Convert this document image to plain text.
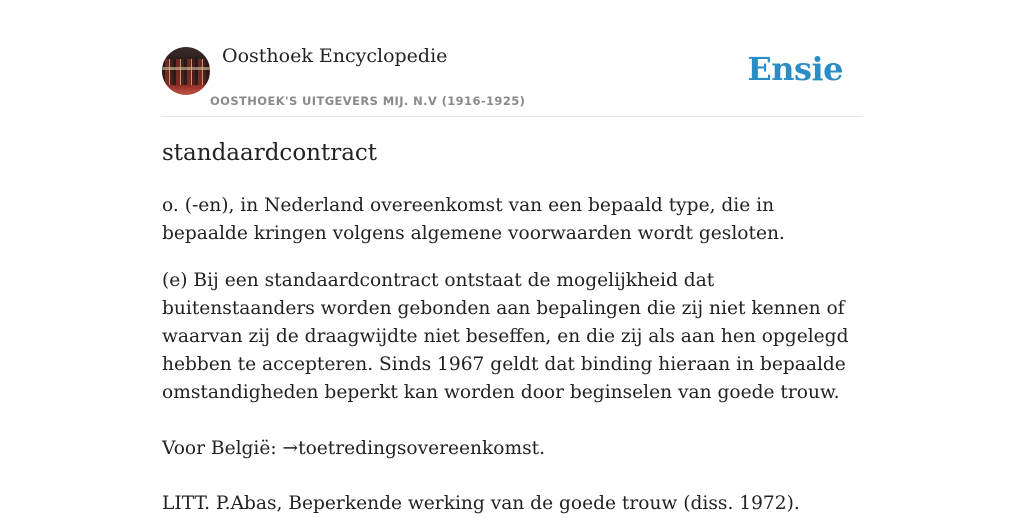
Oosthoek Encyclopedie
OOSTHOEK'S UITGEVERS MIJ. N.V (1916-1925)
Ensie
standaardcontract

o. (-en), in Nederland overeenkomst van een bepaald type, die in bepaalde kringen volgens algemene voorwaarden wordt gesloten.

(e) Bij een standaardcontract ontstaat de mogelijkheid dat buitenstaanders worden gebonden aan bepalingen die zij niet kennen of waarvan zij de draagwijdte niet beseffen, en die zij als aan hen opgelegd hebben te accepteren. Sinds 1967 geldt dat binding hieraan in bepaalde omstandigheden beperkt kan worden door beginselen van goede trouw.

Voor België: →toetredingsovereenkomst.

LITT. P.Abas, Beperkende werking van de goede trouw (diss. 1972).
